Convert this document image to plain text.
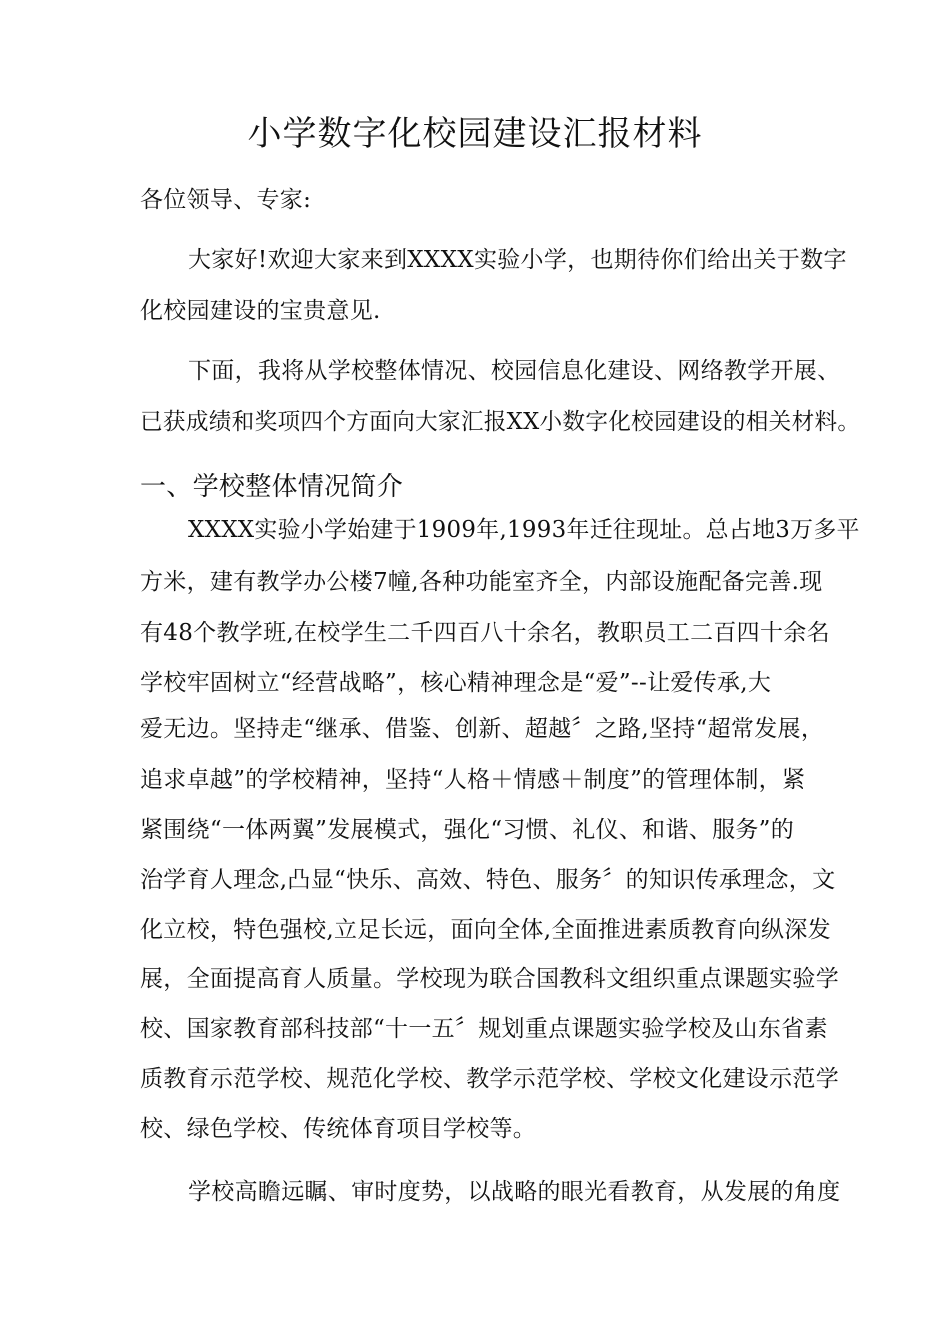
小学数字化校园建设汇报材料
各位领导、专家:
大家好!欢迎大家来到XXXX实验小学，也期待你们给出关于数字
化校园建设的宝贵意见.
下面，我将从学校整体情况、校园信息化建设、网络教学开展、
已获成绩和奖项四个方面向大家汇报XX小数字化校园建设的相关材料。
一、学校整体情况简介
XXXX实验小学始建于1909年,1993年迁往现址。总占地3万多平
方米，建有教学办公楼7幢,各种功能室齐全，内部设施配备完善.现
有48个教学班,在校学生二千四百八十余名，教职员工二百四十余名
学校牢固树立“经营战略”，核心精神理念是“爱”--让爱传承,大
爱无边。坚持走“继承、借鉴、创新、超越〞之路,坚持“超常发展，
追求卓越”的学校精神，坚持“人格＋情感＋制度”的管理体制，紧
紧围绕“一体两翼”发展模式，强化“习惯、礼仪、和谐、服务”的
治学育人理念,凸显“快乐、高效、特色、服务〞的知识传承理念，文
化立校，特色强校,立足长远，面向全体,全面推进素质教育向纵深发
展，全面提高育人质量。学校现为联合国教科文组织重点课题实验学
校、国家教育部科技部“十一五〞规划重点课题实验学校及山东省素
质教育示范学校、规范化学校、教学示范学校、学校文化建设示范学
校、绿色学校、传统体育项目学校等。
学校高瞻远瞩、审时度势，以战略的眼光看教育，从发展的角度
